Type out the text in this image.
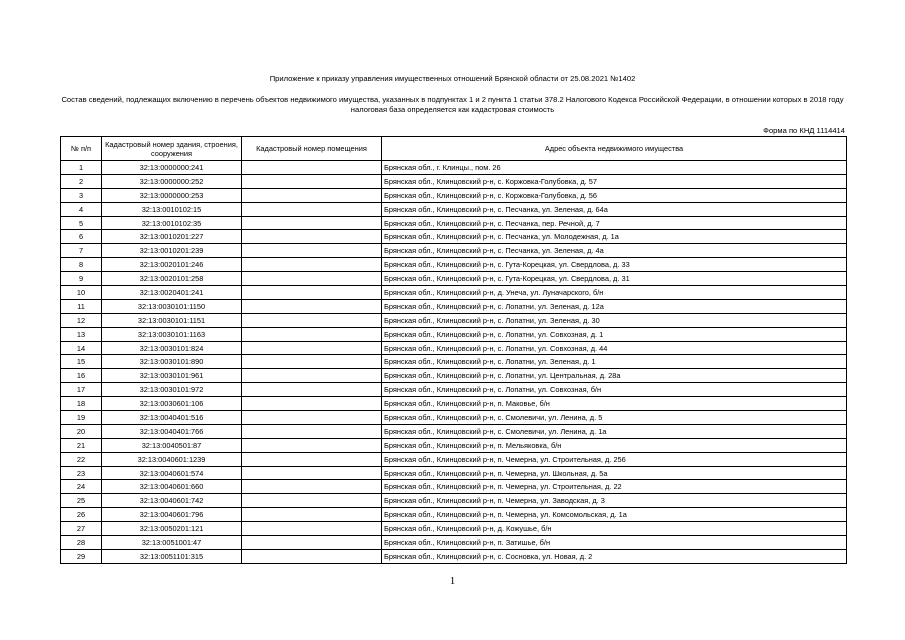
Приложение к приказу управления имущественных отношений Брянской области от 25.08.2021 №1402
Состав сведений, подлежащих включению в перечень объектов недвижимого имущества, указанных в подпунктах 1 и 2 пункта 1 статьи 378.2 Налогового Кодекса Российской Федерации, в отношении которых в 2018 году налоговая база определяется как кадастровая стоимость
Форма по КНД 1114414
№ п/п	Кадастровый номер здания, строения, сооружения	Кадастровый номер помещения	Адрес объекта недвижимого имущества
1	32:13:0000000:241		Брянская обл., г. Клинцы., пом. 26
2	32:13:0000000:252		Брянская обл., Клинцовский р-н, с. Коржовка-Голубовка, д. 57
3	32:13:0000000:253		Брянская обл., Клинцовский р-н, с. Коржовка-Голубовка, д. 56
4	32:13:0010102:15		Брянская обл., Клинцовский р-н, с. Песчанка, ул. Зеленая, д. 64а
5	32:13:0010102:35		Брянская обл., Клинцовский р-н, с. Песчанка, пер. Речной, д. 7
6	32:13:0010201:227		Брянская обл., Клинцовский р-н, с. Песчанка, ул. Молодежная, д. 1а
7	32:13:0010201:239		Брянская обл., Клинцовский р-н, с. Песчанка, ул. Зеленая, д. 4а
8	32:13:0020101:246		Брянская обл., Клинцовский р-н, с. Гута-Корецкая, ул. Свердлова, д. 33
9	32:13:0020101:258		Брянская обл., Клинцовский р-н, с. Гута-Корецкая, ул. Свердлова, д. 31
10	32:13:0020401:241		Брянская обл., Клинцовский р-н, д. Унеча, ул. Луначарского, б/н
11	32:13:0030101:1150		Брянская обл., Клинцовский р-н, с. Лопатни, ул. Зеленая, д. 12а
12	32:13:0030101:1151		Брянская обл., Клинцовский р-н, с. Лопатни, ул. Зеленая, д. 30
13	32:13:0030101:1163		Брянская обл., Клинцовский р-н, с. Лопатни, ул. Совхозная, д. 1
14	32:13:0030101:824		Брянская обл., Клинцовский р-н, с. Лопатни, ул. Совхозная, д. 44
15	32:13:0030101:890		Брянская обл., Клинцовский р-н, с. Лопатни, ул. Зеленая, д. 1
16	32:13:0030101:961		Брянская обл., Клинцовский р-н, с. Лопатни, ул. Центральная, д. 28а
17	32:13:0030101:972		Брянская обл., Клинцовский р-н, с. Лопатни, ул. Совхозная, б/н
18	32:13:0030601:106		Брянская обл., Клинцовский р-н, п. Маковье, б/н
19	32:13:0040401:516		Брянская обл., Клинцовский р-н, с. Смолевичи, ул. Ленина, д. 5
20	32:13:0040401:766		Брянская обл., Клинцовский р-н, с. Смолевичи, ул. Ленина, д. 1а
21	32:13:0040501:87		Брянская обл., Клинцовский р-н, п. Мельяковка, б/н
22	32:13:0040601:1239		Брянская обл., Клинцовский р-н, п. Чемерна, ул. Строительная, д. 256
23	32:13:0040601:574		Брянская обл., Клинцовский р-н, п. Чемерна, ул. Школьная, д. 5а
24	32:13:0040601:660		Брянская обл., Клинцовский р-н, п. Чемерна, ул. Строительная, д. 22
25	32:13:0040601:742		Брянская обл., Клинцовский р-н, п. Чемерна, ул. Заводская, д. 3
26	32:13:0040601:796		Брянская обл., Клинцовский р-н, п. Чемерна, ул. Комсомольская, д. 1а
27	32:13:0050201:121		Брянская обл., Клинцовский р-н, д. Кожушье, б/н
28	32:13:0051001:47		Брянская обл., Клинцовский р-н, п. Затишье, б/н
29	32:13:0051101:315		Брянская обл., Клинцовский р-н, с. Сосновка, ул. Новая, д. 2
1
